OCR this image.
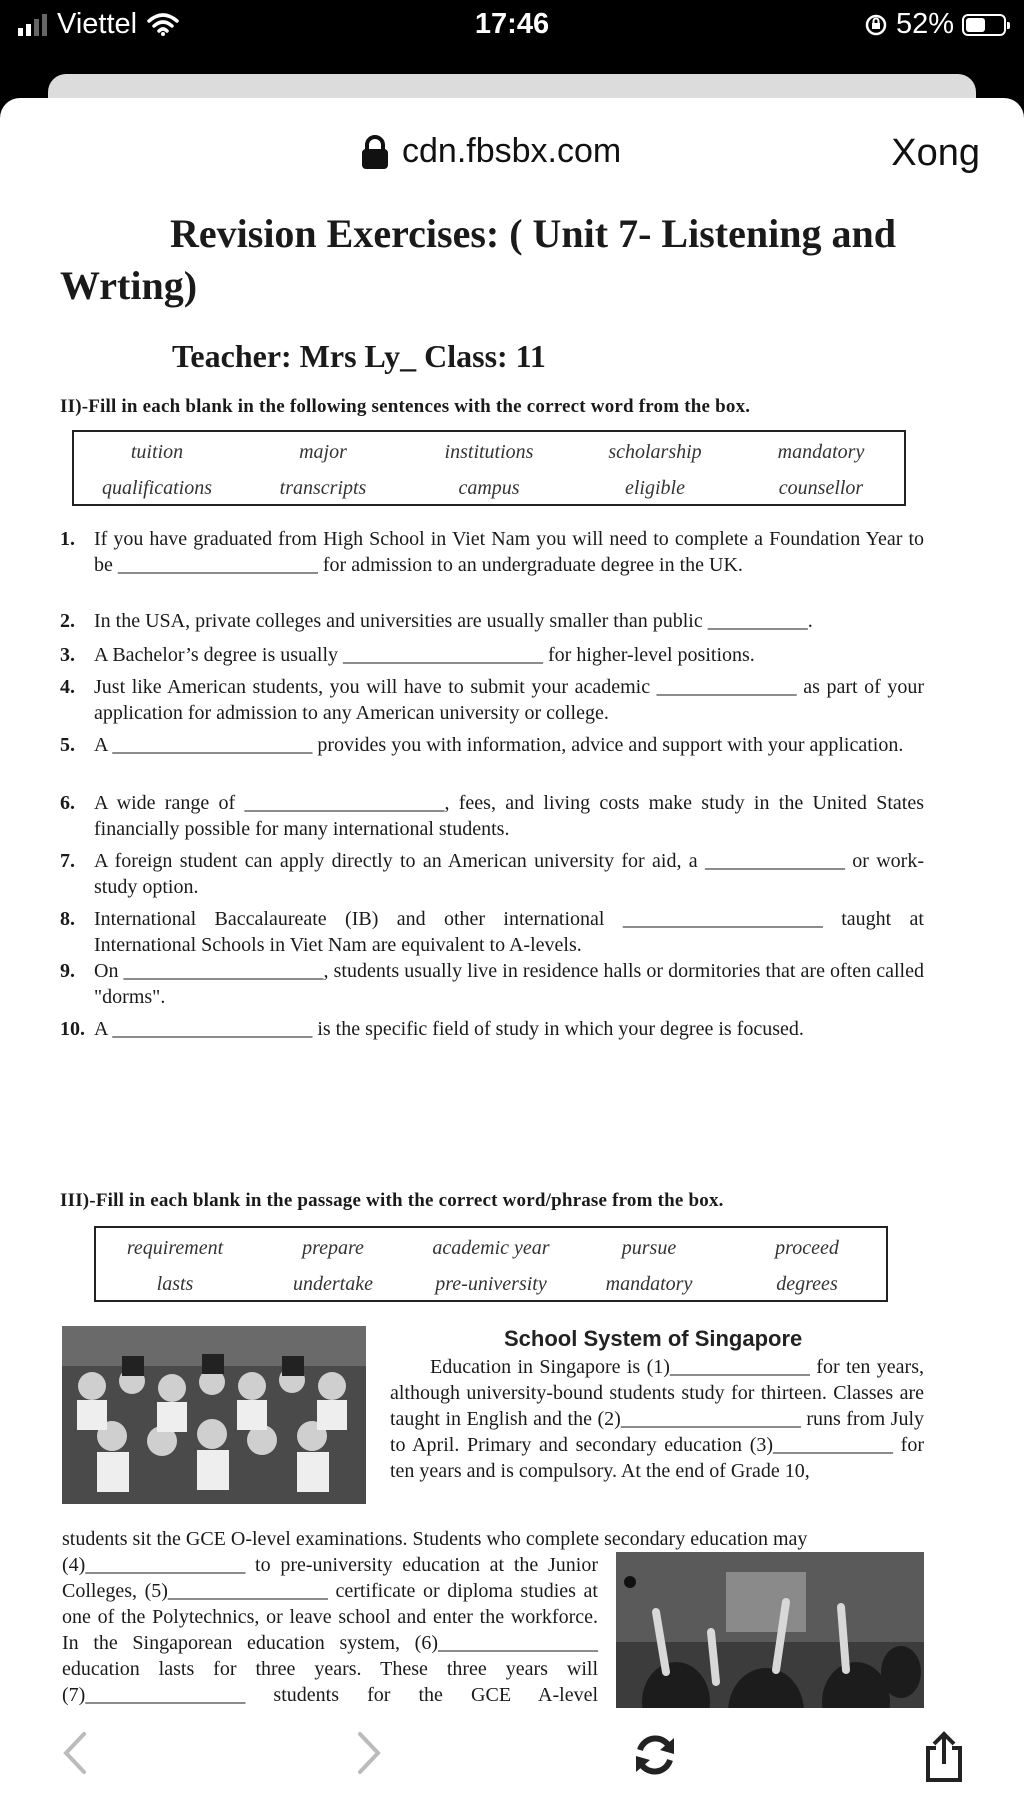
Viettel	17:46	52%
cdn.fbsbx.com	Xong
Revision Exercises: ( Unit 7- Listening and Wrting)
Teacher: Mrs Ly_ Class: 11
II)-Fill in each blank in the following sentences with the correct word from the box.
tuition	major	institutions	scholarship	mandatory
qualifications	transcripts	campus	eligible	counsellor
1. If you have graduated from High School in Viet Nam you will need to complete a Foundation Year to be ____________________ for admission to an undergraduate degree in the UK.
2. In the USA, private colleges and universities are usually smaller than public __________.
3. A Bachelor’s degree is usually ____________________ for higher-level positions.
4. Just like American students, you will have to submit your academic ______________ as part of your application for admission to any American university or college.
5. A ____________________ provides you with information, advice and support with your application.
6. A wide range of ____________________, fees, and living costs make study in the United States financially possible for many international students.
7. A foreign student can apply directly to an American university for aid, a ______________ or work-study option.
8. International Baccalaureate (IB) and other international ____________________ taught at International Schools in Viet Nam are equivalent to A-levels.
9. On ____________________, students usually live in residence halls or dormitories that are often called "dorms".
10. A ____________________ is the specific field of study in which your degree is focused.
III)-Fill in each blank in the passage with the correct word/phrase from the box.
requirement	prepare	academic year	pursue	proceed
lasts	undertake	pre-university	mandatory	degrees
School System of Singapore
Education in Singapore is (1)______________ for ten years, although university-bound students study for thirteen. Classes are taught in English and the (2)__________________ runs from July to April. Primary and secondary education (3)____________ for ten years and is compulsory. At the end of Grade 10,
students sit the GCE O-level examinations. Students who complete secondary education may
(4)________________ to pre-university education at the Junior Colleges, (5)________________ certificate or diploma studies at one of the Polytechnics, or leave school and enter the workforce. In the Singaporean education system, (6)________________ education lasts for three years. These three years will (7)________________ students for the GCE A-level
